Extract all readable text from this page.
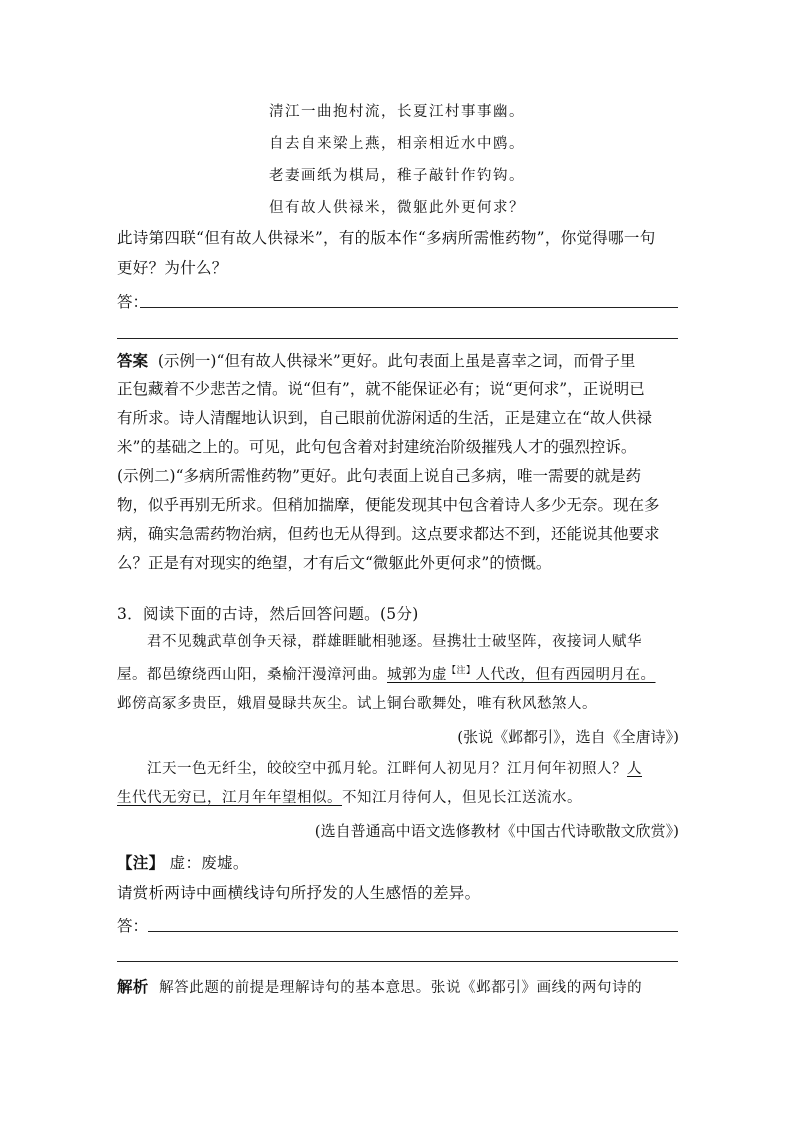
清江一曲抱村流，长夏江村事事幽。
自去自来梁上燕，相亲相近水中鸥。
老妻画纸为棋局，稚子敲针作钓钩。
但有故人供禄米，微躯此外更何求？
此诗第四联“但有故人供禄米”，有的版本作“多病所需惟药物”，你觉得哪一句
更好？为什么？
答：
答案 (示例一)“但有故人供禄米”更好。此句表面上虽是喜幸之词，而骨子里
正包藏着不少悲苦之情。说“但有”，就不能保证必有；说“更何求”，正说明已
有所求。诗人清醒地认识到，自己眼前优游闲适的生活，正是建立在“故人供禄
米”的基础之上的。可见，此句包含着对封建统治阶级摧残人才的强烈控诉。
(示例二)“多病所需惟药物”更好。此句表面上说自己多病，唯一需要的就是药
物，似乎再别无所求。但稍加揣摩，便能发现其中包含着诗人多少无奈。现在多
病，确实急需药物治病，但药也无从得到。这点要求都达不到，还能说其他要求
么？正是有对现实的绝望，才有后文“微躯此外更何求”的愤慨。
3．阅读下面的古诗，然后回答问题。(5分)
君不见魏武草创争天禄，群雄睚眦相驰逐。昼携壮士破坚阵，夜接词人赋华
屋。都邑缭绕西山阳，桑榆汗漫漳河曲。城郭为虚$^{【注】}$人代改，但有西园明月在。
邺傍高冢多贵臣，娥眉曼睩共灰尘。试上铜台歌舞处，唯有秋风愁煞人。
(张说《邺都引》，选自《全唐诗》)
江天一色无纤尘，皎皎空中孤月轮。江畔何人初见月？江月何年初照人？人
生代代无穷已，江月年年望相似。不知江月待何人，但见长江送流水。
(选自普通高中语文选修教材《中国古代诗歌散文欣赏》)
【注】 虚：废墟。
请赏析两诗中画横线诗句所抒发的人生感悟的差异。
答：
解析 解答此题的前提是理解诗句的基本意思。张说《邺都引》画线的两句诗的
